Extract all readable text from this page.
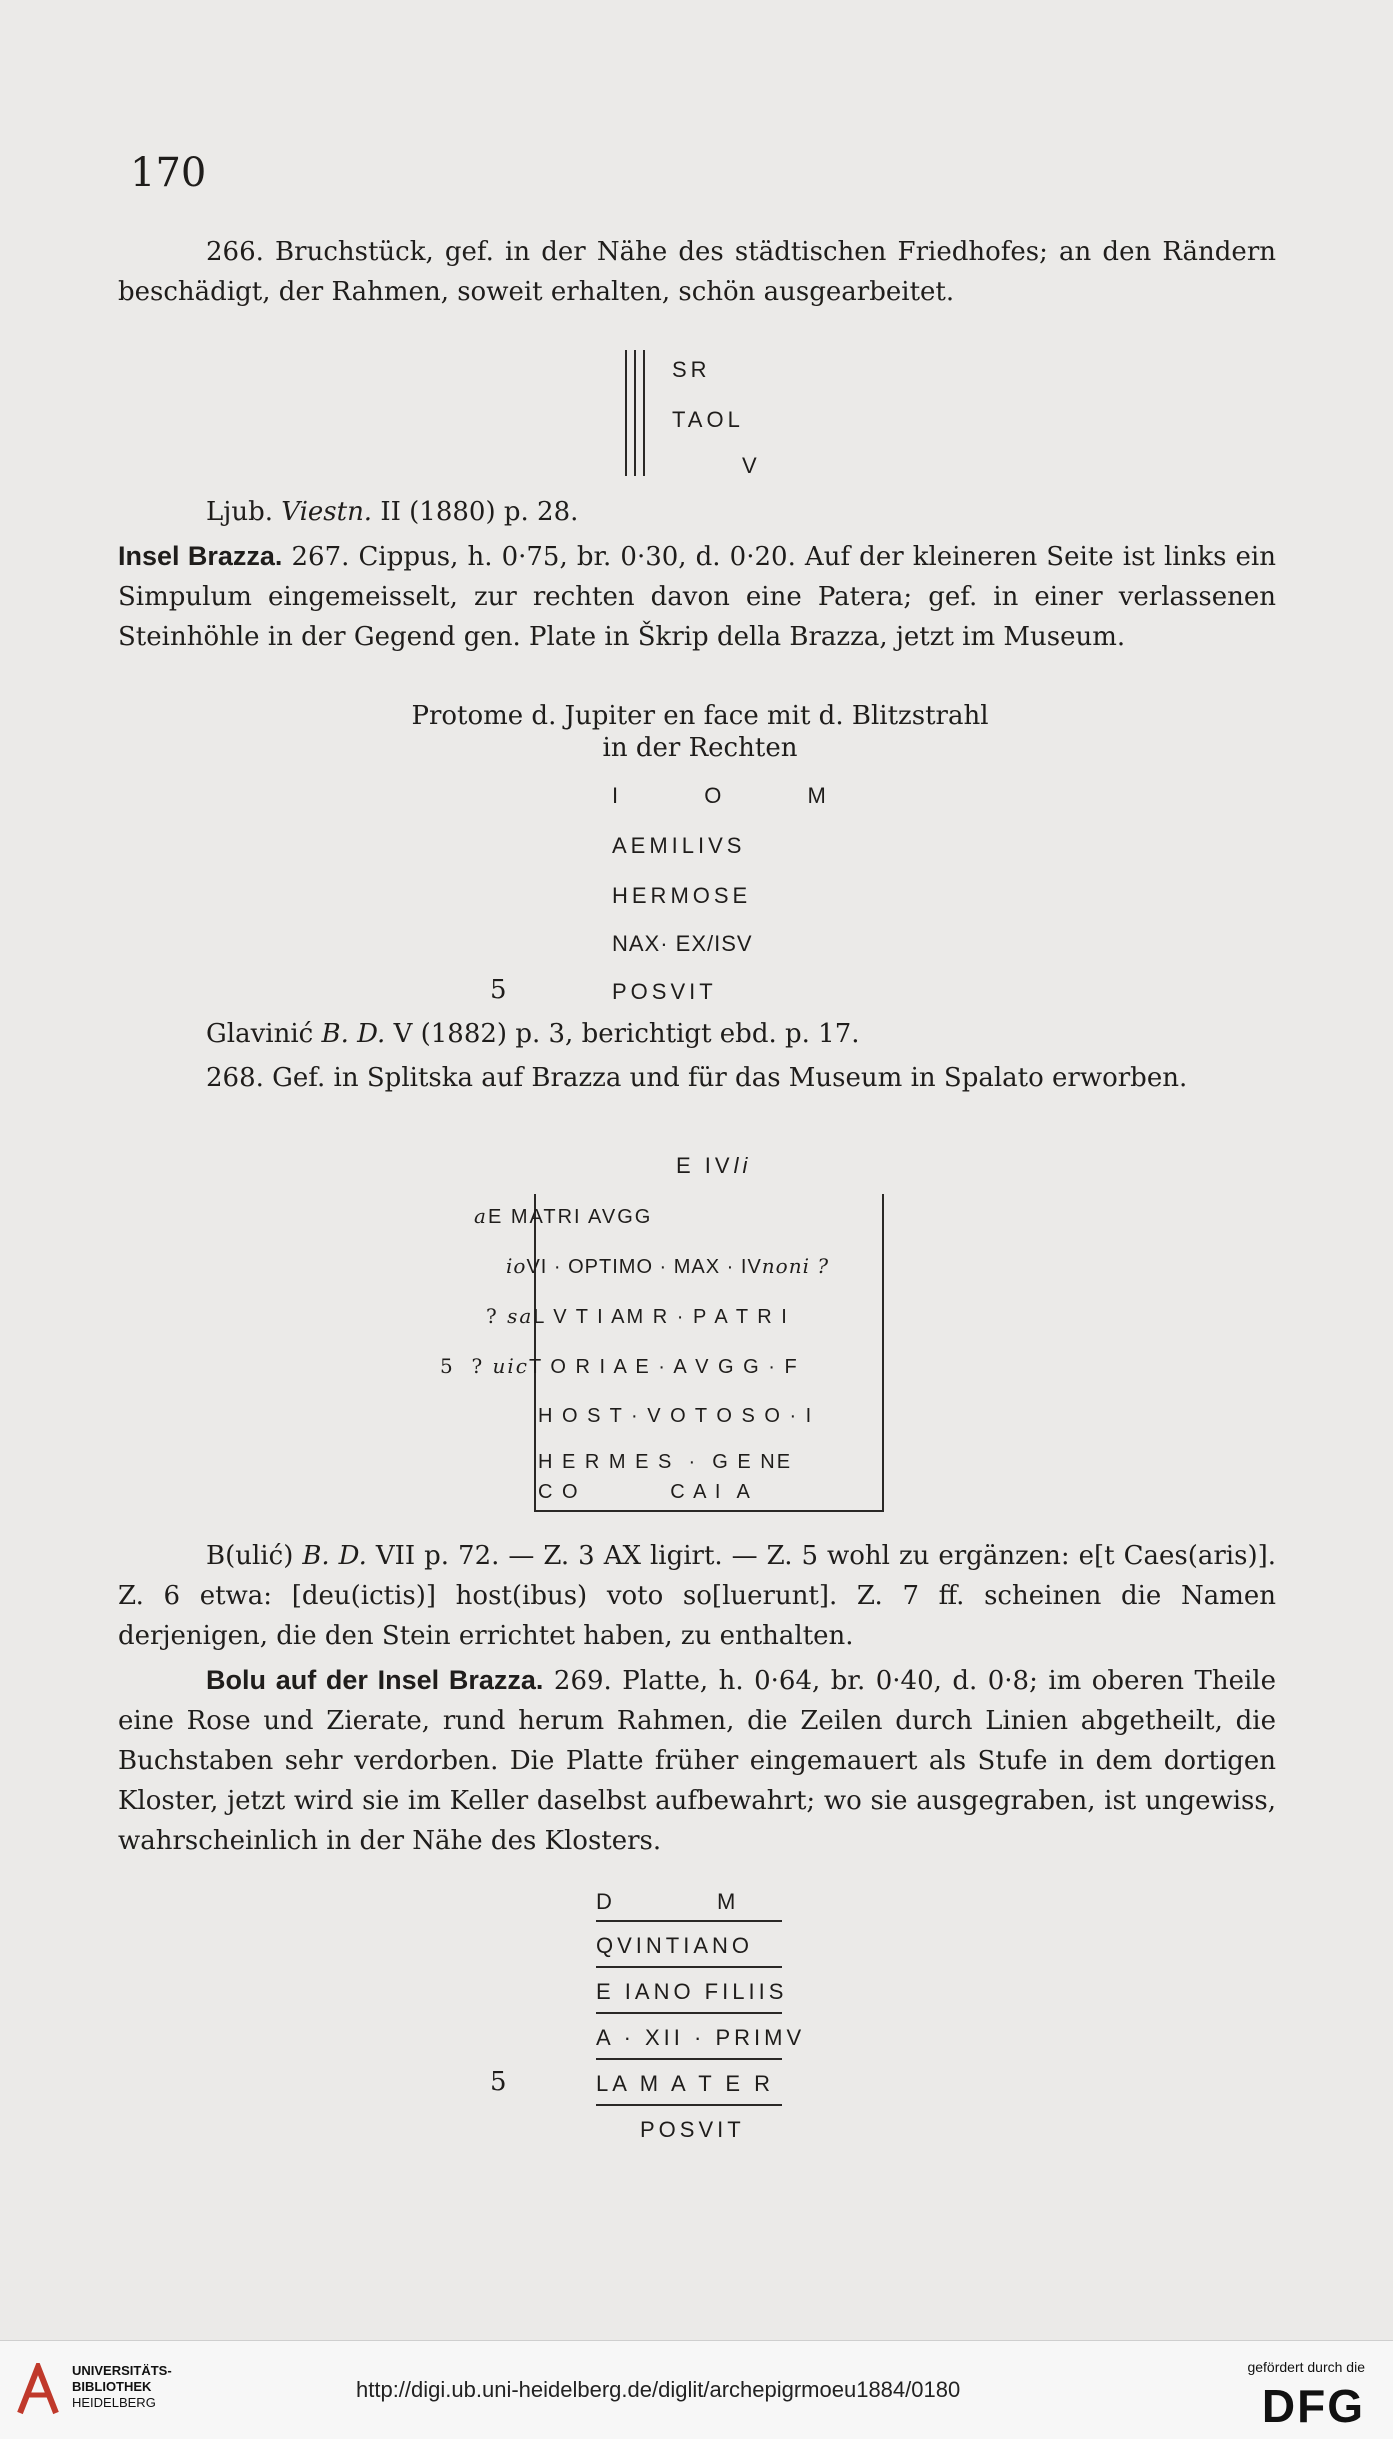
170
266. Bruchstück, gef. in der Nähe des städtischen Friedhofes; an den Rändern beschädigt, der Rahmen, soweit erhalten, schön ausgearbeitet.
SR
TAOL
V
Ljub. Viestn. II (1880) p. 28.
Insel Brazza. 267. Cippus, h. 0·75, br. 0·30, d. 0·20. Auf der kleineren Seite ist links ein Simpulum eingemeisselt, zur rechten davon eine Patera; gef. in einer verlassenen Steinhöhle in der Gegend gen. Plate in Škrip della Brazza, jetzt im Museum.
Protome d. Jupiter en face mit d. Blitzstrahl
in der Rechten
I O M
AEMILIVS
HERMOSE
NAX· EX/ISV
5	POSVIT
Glavinić B. D. V (1882) p. 3, berichtigt ebd. p. 17.
268. Gef. in Splitska auf Brazza und für das Museum in Spalato erworben.
E IVli
aE MATRI AVGG
ioVI · OPTIMO · MAX · IVnoni ?
? saL V T I AM R · P A T R I
5  ? uicT O R I A E · A V G G · F
H O S T · V O T O S O · I
H E R M E S  ·  G E NE
C O            C A I  A
B(ulić) B. D. VII p. 72. — Z. 3 AX ligirt. — Z. 5 wohl zu ergänzen: e[t Caes(aris)]. Z. 6 etwa: [deu(ictis)] host(ibus) voto so[luerunt]. Z. 7 ff. scheinen die Namen derjenigen, die den Stein errichtet haben, zu enthalten.
Bolu auf der Insel Brazza. 269. Platte, h. 0·64, br. 0·40, d. 0·8; im oberen Theile eine Rose und Zierate, rund herum Rahmen, die Zeilen durch Linien abgetheilt, die Buchstaben sehr verdorben. Die Platte früher eingemauert als Stufe in dem dortigen Kloster, jetzt wird sie im Keller daselbst aufbewahrt; wo sie ausgegraben, ist ungewiss, wahrscheinlich in der Nähe des Klosters.
D          M
QVINTIANO
E IANO FILIIS
A · XII · PRIMV
5	LA M A T E R
POSVIT
UNIVERSITÄTS-
BIBLIOTHEK
HEIDELBERG
http://digi.ub.uni-heidelberg.de/diglit/archepigrmoeu1884/0180
gefördert durch die
DFG
